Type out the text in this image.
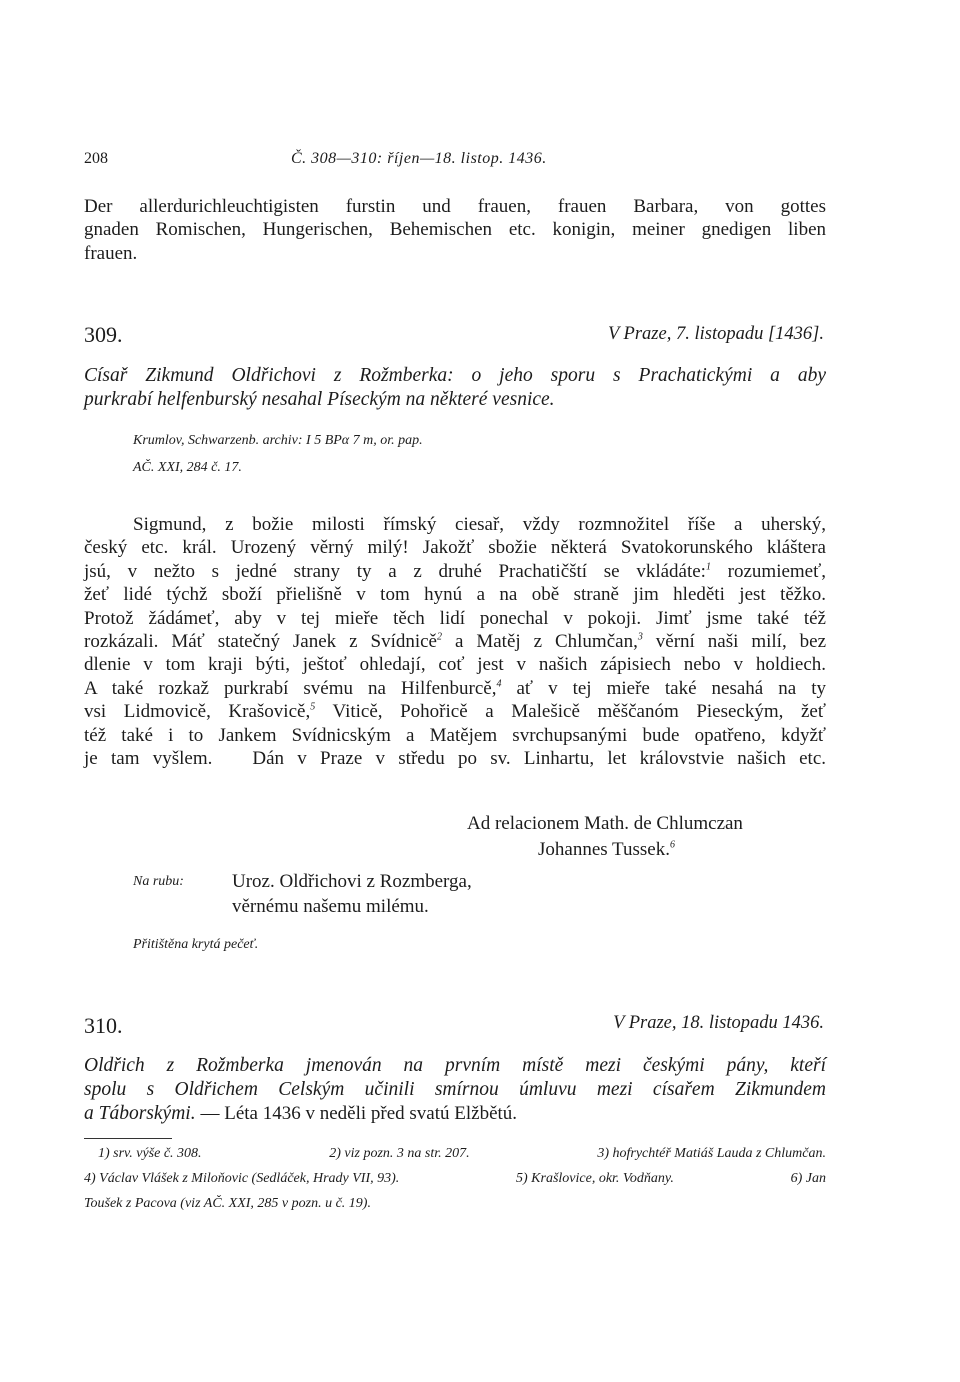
208	Č. 308—310: říjen—18. listop. 1436.
Der allerdurichleuchtigisten furstin und frauen, frauen Barbara, von gottes
gnaden Romischen, Hungerischen, Behemischen etc. konigin, meiner gnedigen liben
frauen.
309.	V Praze, 7. listopadu [1436].
Císař Zikmund Oldřichovi z Rožmberka: o jeho sporu s Prachatickými a aby
purkrabí helfenburský nesahal Píseckým na některé vesnice.
Krumlov, Schwarzenb. archiv: I 5 BPα 7 m, or. pap.
AČ. XXI, 284 č. 17.
Sigmund, z božie milosti římský ciesař, vždy rozmnožitel říše a uherský,
český etc. král. Urozený věrný milý! Jakožť sbožie některá Svatokorunského kláštera
jsú, v nežto s jedné strany ty a z druhé Prachatičští se vkládáte:$^1$ rozumiemeť,
žeť lidé týchž sboží přielišně v tom hynú a na obě straně jim hleděti jest těžko.
Protož žádámeť, aby v tej mieře těch lidí ponechal v pokoji. Jimť jsme také též
rozkázali. Máť statečný Janek z Svídnicě$^2$ a Matěj z Chlumčan,$^3$ věrní naši milí, bez
dlenie v tom kraji býti, ještoť ohledají, coť jest v našich zápisiech nebo v holdiech.
A také rozkaž purkrabí svému na Hilfenburcě,$^4$ ať v tej mieře také nesahá na ty
vsi Lidmovicě, Krašovicě,$^5$ Viticě, Pohořicě a Malešicě měščanóm Pieseckým, žeť
též také i to Jankem Svídnicským a Matějem svrchupsanými bude opatřeno, kdyžť
je tam vyšlem. Dán v Praze v středu po sv. Linhartu, let královstvie našich etc.
Ad relacionem Math. de Chlumczan
Johannes Tussek.$^6$
Na rubu:	Uroz. Oldřichovi z Rozmberga,
věrnému našemu milému.
Přitištěna krytá pečeť.
310.	V Praze, 18. listopadu 1436.
Oldřich z Rožmberka jmenován na prvním místě mezi českými pány, kteří
spolu s Oldřichem Celským učinili smírnou úmluvu mezi císařem Zikmundem
a Táborskými. — Léta 1436 v neděli před svatú Elžbětú.
1) srv. výše č. 308.	2) viz pozn. 3 na str. 207.	3) hofrychtéř Matiáš Lauda z Chlumčan.
4) Václav Vlášek z Miloňovic (Sedláček, Hrady VII, 93).	5) Krašlovice, okr. Vodňany.	6) Jan
Toušek z Pacova (viz AČ. XXI, 285 v pozn. u č. 19).
